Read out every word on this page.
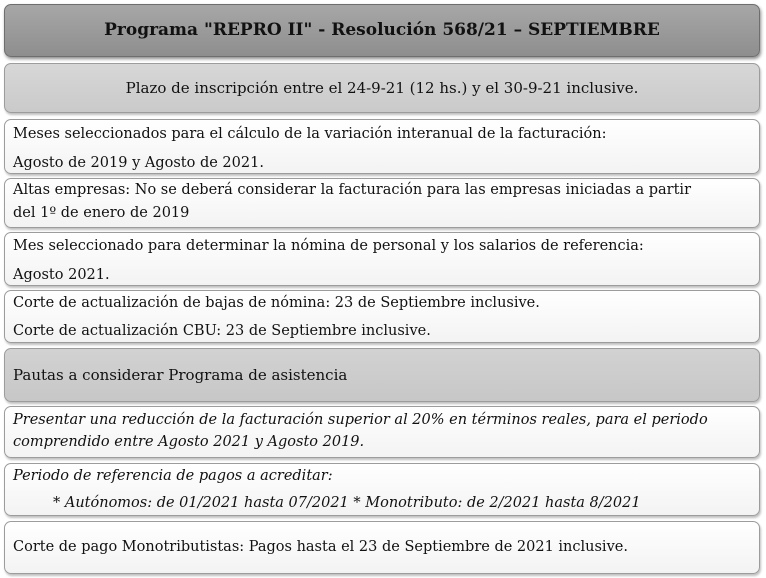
Programa "REPRO II" - Resolución 568/21 – SEPTIEMBRE
Plazo de inscripción entre el 24-9-21 (12 hs.) y el 30-9-21 inclusive.
Meses seleccionados para el cálculo de la variación interanual de la facturación:
Agosto de 2019 y Agosto de 2021.
Altas empresas: No se deberá considerar la facturación para las empresas iniciadas a partir
del 1º de enero de 2019
Mes seleccionado para determinar la nómina de personal y los salarios de referencia:
Agosto 2021.
Corte de actualización de bajas de nómina: 23 de Septiembre inclusive.
Corte de actualización CBU: 23 de Septiembre inclusive.
Pautas a considerar Programa de asistencia
Presentar una reducción de la facturación superior al 20% en términos reales, para el periodo
comprendido entre Agosto 2021 y Agosto 2019.
Periodo de referencia de pagos a acreditar:
* Autónomos: de 01/2021 hasta 07/2021 * Monotributo: de 2/2021 hasta 8/2021
Corte de pago Monotributistas: Pagos hasta el 23 de Septiembre de 2021 inclusive.
